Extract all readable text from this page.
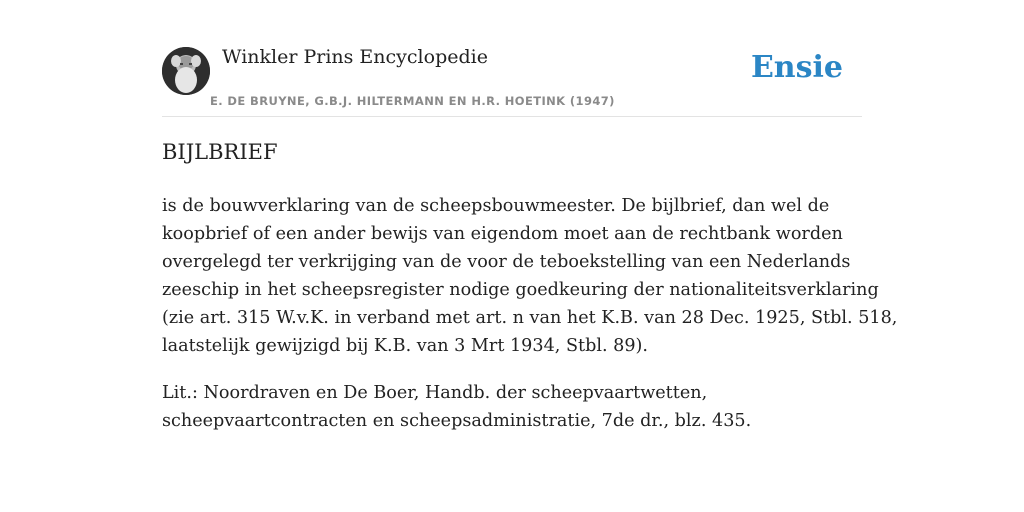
Winkler Prins Encyclopedie
E. DE BRUYNE, G.B.J. HILTERMANN EN H.R. HOETINK (1947)
Ensie
BIJLBRIEF

is de bouwverklaring van de scheepsbouwmeester. De bijlbrief, dan wel de
koopbrief of een ander bewijs van eigendom moet aan de rechtbank worden
overgelegd ter verkrijging van de voor de teboekstelling van een Nederlands
zeeschip in het scheepsregister nodige goedkeuring der nationaliteitsverklaring
(zie art. 315 W.v.K. in verband met art. n van het K.B. van 28 Dec. 1925, Stbl. 518,
laatstelijk gewijzigd bij K.B. van 3 Mrt 1934, Stbl. 89).

Lit.: Noordraven en De Boer, Handb. der scheepvaartwetten,
scheepvaartcontracten en scheepsadministratie, 7de dr., blz. 435.
